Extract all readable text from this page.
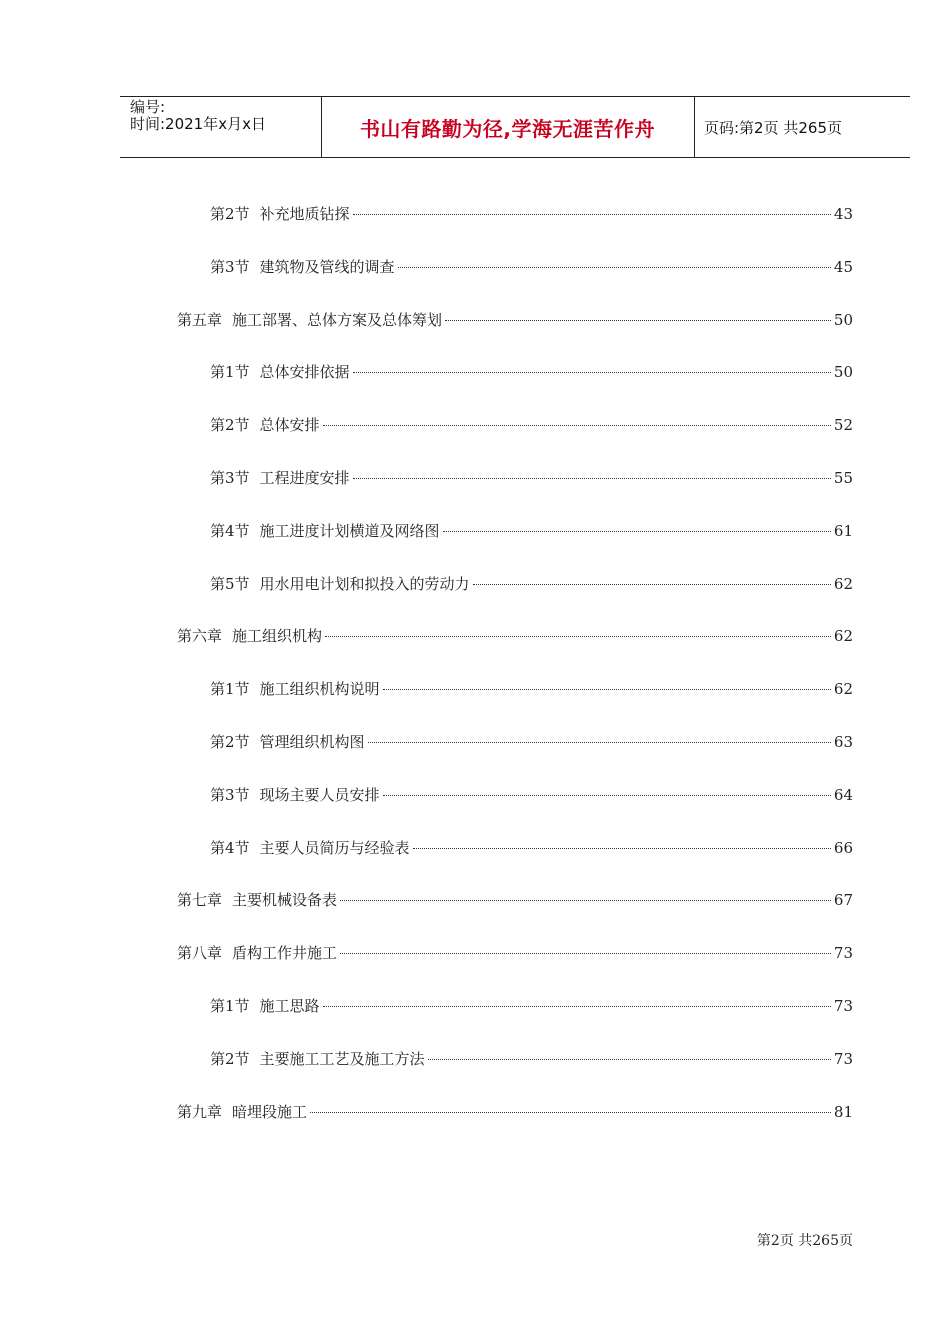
编号:
时间:2021年x月x日	书山有路勤为径,学海无涯苦作舟	页码:第2页 共265页
第2节 补充地质钻探	43
第3节 建筑物及管线的调查	45
第五章 施工部署、总体方案及总体筹划	50
第1节 总体安排依据	50
第2节 总体安排	52
第3节 工程进度安排	55
第4节 施工进度计划横道及网络图	61
第5节 用水用电计划和拟投入的劳动力	62
第六章 施工组织机构	62
第1节 施工组织机构说明	62
第2节 管理组织机构图	63
第3节 现场主要人员安排	64
第4节 主要人员简历与经验表	66
第七章 主要机械设备表	67
第八章 盾构工作井施工	73
第1节 施工思路	73
第2节 主要施工工艺及施工方法	73
第九章 暗埋段施工	81
第2页 共265页
